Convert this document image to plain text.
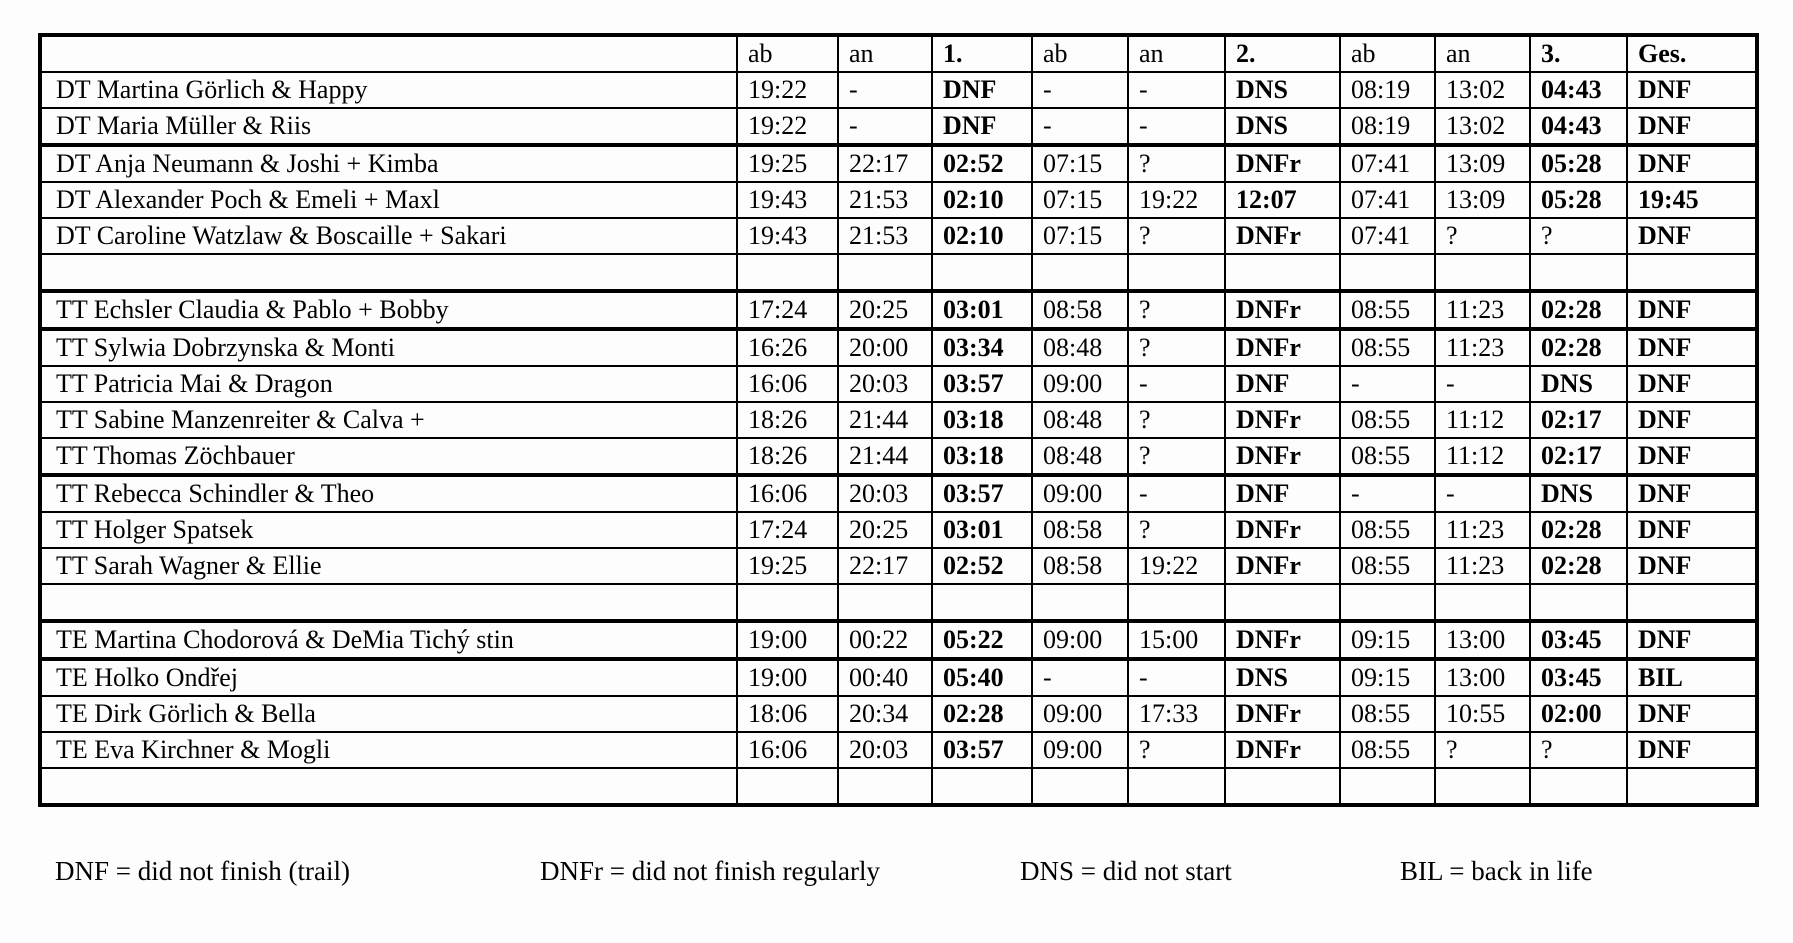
	ab	an	1.	ab	an	2.	ab	an	3.	Ges.
DT Martina Görlich & Happy	19:22	-	DNF	-	-	DNS	08:19	13:02	04:43	DNF
DT Maria Müller & Riis	19:22	-	DNF	-	-	DNS	08:19	13:02	04:43	DNF
DT Anja Neumann & Joshi + Kimba	19:25	22:17	02:52	07:15	?	DNFr	07:41	13:09	05:28	DNF
DT Alexander Poch & Emeli + Maxl	19:43	21:53	02:10	07:15	19:22	12:07	07:41	13:09	05:28	19:45
DT Caroline Watzlaw & Boscaille + Sakari	19:43	21:53	02:10	07:15	?	DNFr	07:41	?	?	DNF

TT Echsler Claudia & Pablo + Bobby	17:24	20:25	03:01	08:58	?	DNFr	08:55	11:23	02:28	DNF
TT Sylwia Dobrzynska & Monti	16:26	20:00	03:34	08:48	?	DNFr	08:55	11:23	02:28	DNF
TT Patricia Mai & Dragon	16:06	20:03	03:57	09:00	-	DNF	-	-	DNS	DNF
TT Sabine Manzenreiter & Calva +	18:26	21:44	03:18	08:48	?	DNFr	08:55	11:12	02:17	DNF
TT Thomas Zöchbauer	18:26	21:44	03:18	08:48	?	DNFr	08:55	11:12	02:17	DNF
TT Rebecca Schindler & Theo	16:06	20:03	03:57	09:00	-	DNF	-	-	DNS	DNF
TT Holger Spatsek	17:24	20:25	03:01	08:58	?	DNFr	08:55	11:23	02:28	DNF
TT Sarah Wagner & Ellie	19:25	22:17	02:52	08:58	19:22	DNFr	08:55	11:23	02:28	DNF

TE Martina Chodorová & DeMia Tichý stin	19:00	00:22	05:22	09:00	15:00	DNFr	09:15	13:00	03:45	DNF
TE Holko Ondřej	19:00	00:40	05:40	-	-	DNS	09:15	13:00	03:45	BIL
TE Dirk Görlich & Bella	18:06	20:34	02:28	09:00	17:33	DNFr	08:55	10:55	02:00	DNF
TE Eva Kirchner & Mogli	16:06	20:03	03:57	09:00	?	DNFr	08:55	?	?	DNF

DNF = did not finish (trail)	DNFr = did not finish regularly	DNS = did not start	BIL = back in life
